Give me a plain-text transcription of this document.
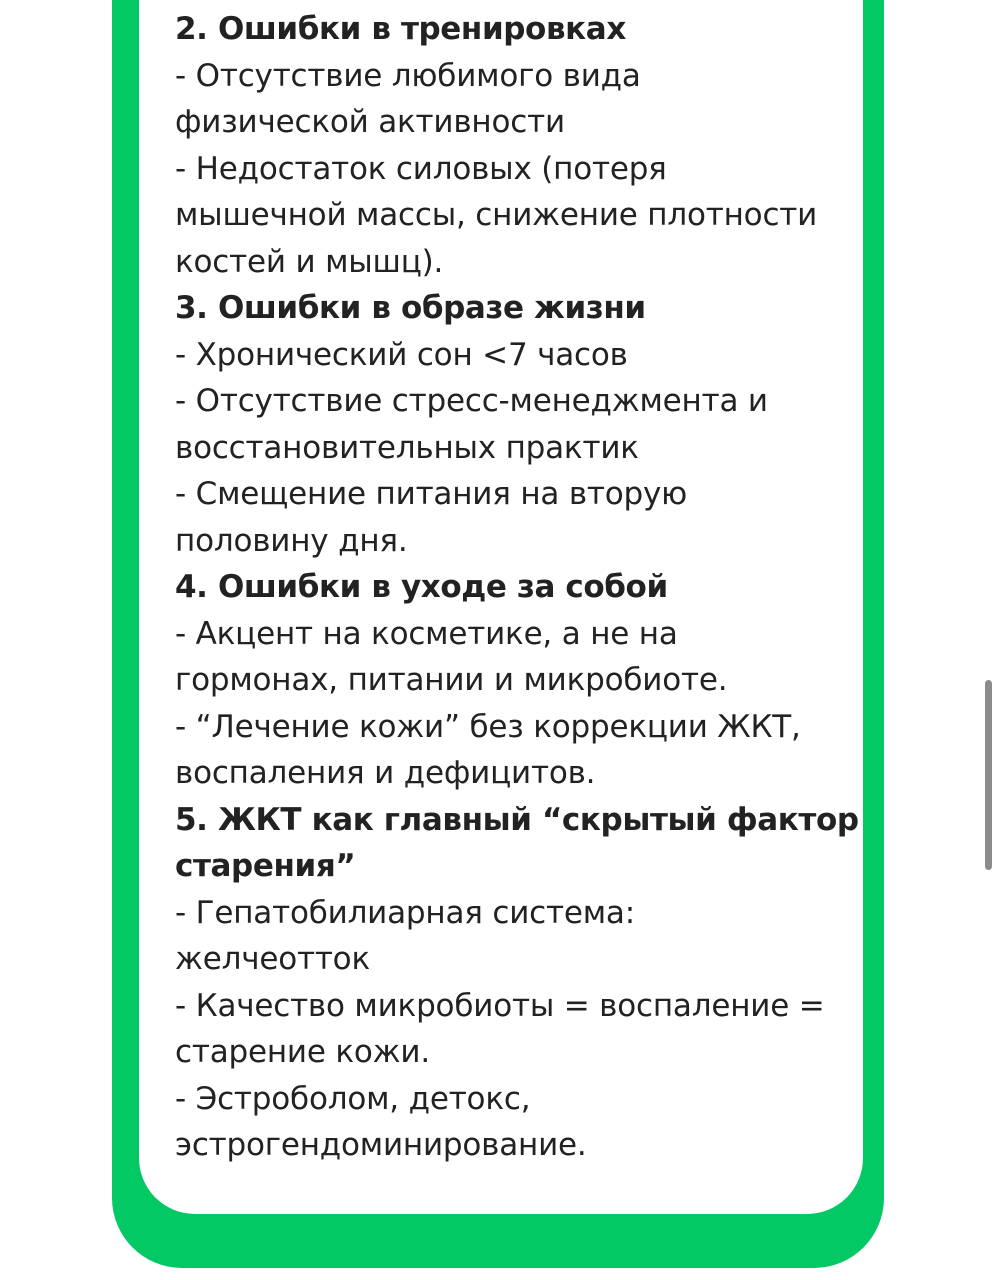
2. Ошибки в тренировках
- Отсутствие любимого вида
физической активности
- Недостаток силовых (потеря
мышечной массы, снижение плотности
костей и мышц).
3. Ошибки в образе жизни
- Хронический сон <7 часов
- Отсутствие стресс-менеджмента и
восстановительных практик
- Смещение питания на вторую
половину дня.
4. Ошибки в уходе за собой
- Акцент на косметике, а не на
гормонах, питании и микробиоте.
- “Лечение кожи” без коррекции ЖКТ,
воспаления и дефицитов.
5. ЖКТ как главный “скрытый фактор
старения”
- Гепатобилиарная система:
желчеотток
- Качество микробиоты = воспаление =
старение кожи.
- Эстроболом, детокс,
эстрогендоминирование.
